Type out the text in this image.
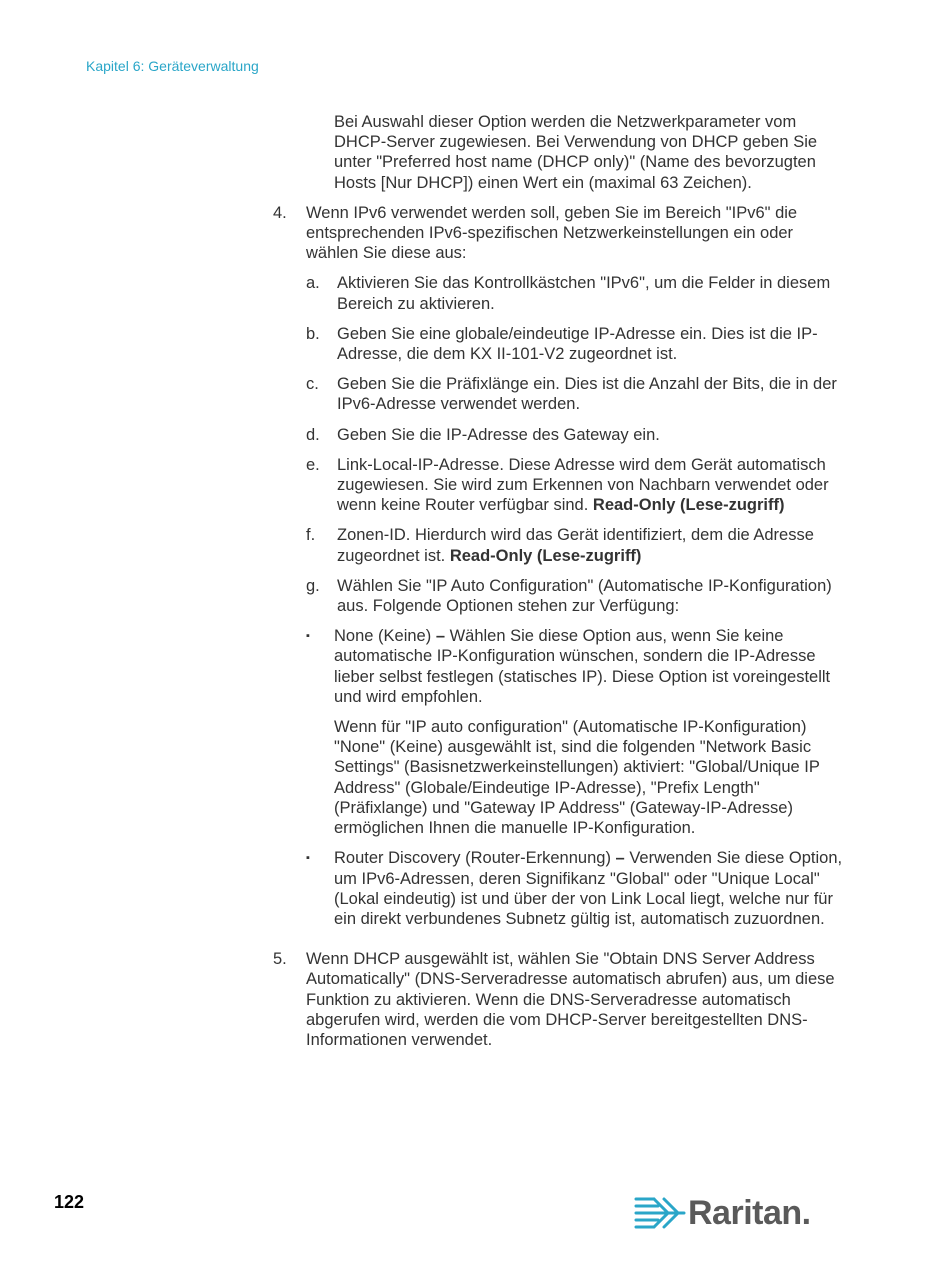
Kapitel 6: Geräteverwaltung

Bei Auswahl dieser Option werden die Netzwerkparameter vom DHCP-Server zugewiesen. Bei Verwendung von DHCP geben Sie unter "Preferred host name (DHCP only)" (Name des bevorzugten Hosts [Nur DHCP]) einen Wert ein (maximal 63 Zeichen).

4.	Wenn IPv6 verwendet werden soll, geben Sie im Bereich "IPv6" die entsprechenden IPv6-spezifischen Netzwerkeinstellungen ein oder wählen Sie diese aus:

a.	Aktivieren Sie das Kontrollkästchen "IPv6", um die Felder in diesem Bereich zu aktivieren.
b.	Geben Sie eine globale/eindeutige IP-Adresse ein. Dies ist die IP-Adresse, die dem KX II-101-V2 zugeordnet ist.
c.	Geben Sie die Präfixlänge ein. Dies ist die Anzahl der Bits, die in der IPv6-Adresse verwendet werden.
d.	Geben Sie die IP-Adresse des Gateway ein.
e.	Link-Local-IP-Adresse. Diese Adresse wird dem Gerät automatisch zugewiesen. Sie wird zum Erkennen von Nachbarn verwendet oder wenn keine Router verfügbar sind. Read-Only (Lese-zugriff)
f.	Zonen-ID. Hierdurch wird das Gerät identifiziert, dem die Adresse zugeordnet ist. Read-Only (Lese-zugriff)
g.	Wählen Sie "IP Auto Configuration" (Automatische IP-Konfiguration) aus. Folgende Optionen stehen zur Verfügung:
▪	None (Keine) – Wählen Sie diese Option aus, wenn Sie keine automatische IP-Konfiguration wünschen, sondern die IP-Adresse lieber selbst festlegen (statisches IP). Diese Option ist voreingestellt und wird empfohlen.

Wenn für "IP auto configuration" (Automatische IP-Konfiguration) "None" (Keine) ausgewählt ist, sind die folgenden "Network Basic Settings" (Basisnetzwerkeinstellungen) aktiviert: "Global/Unique IP Address" (Globale/Eindeutige IP-Adresse), "Prefix Length" (Präfixlange) und "Gateway IP Address" (Gateway-IP-Adresse) ermöglichen Ihnen die manuelle IP-Konfiguration.

▪	Router Discovery (Router-Erkennung) – Verwenden Sie diese Option, um IPv6-Adressen, deren Signifikanz "Global" oder "Unique Local" (Lokal eindeutig) ist und über der von Link Local liegt, welche nur für ein direkt verbundenes Subnetz gültig ist, automatisch zuzuordnen.
5.	Wenn DHCP ausgewählt ist, wählen Sie "Obtain DNS Server Address Automatically" (DNS-Serveradresse automatisch abrufen) aus, um diese Funktion zu aktivieren. Wenn die DNS-Serveradresse automatisch abgerufen wird, werden die vom DHCP-Server bereitgestellten DNS-Informationen verwendet.

122	Raritan.
